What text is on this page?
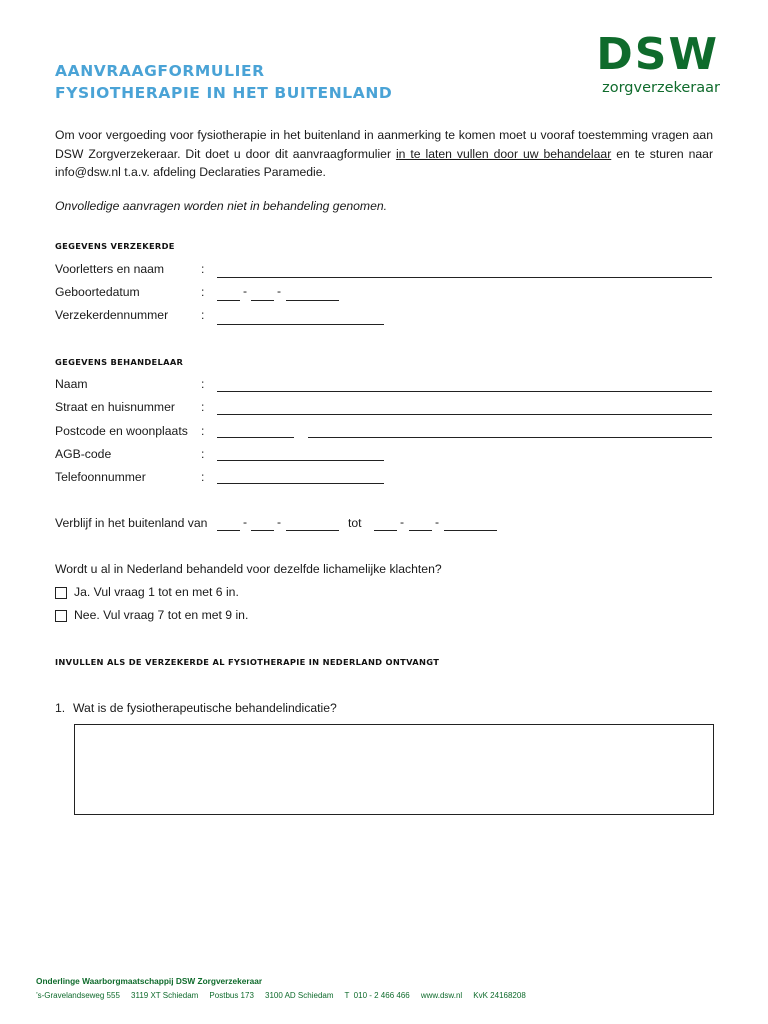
AANVRAAGFORMULIER
FYSIOTHERAPIE IN HET BUITENLAND
DSW
zorgverzekeraar
Om voor vergoeding voor fysiotherapie in het buitenland in aanmerking te komen moet u vooraf toestemming vragen aan DSW Zorgverzekeraar. Dit doet u door dit aanvraagformulier in te laten vullen door uw behandelaar en te sturen naar info@dsw.nl t.a.v. afdeling Declaraties Paramedie.
Onvolledige aanvragen worden niet in behandeling genomen.
GEGEVENS VERZEKERDE
Voorletters en naam	:
Geboortedatum	:	- -
Verzekerdennummer	:
GEGEVENS BEHANDELAAR
Naam	:
Straat en huisnummer :
Postcode en woonplaats :
AGB-code	:
Telefoonnummer	:
Verblijf in het buitenland van	- -	tot	-	-
Wordt u al in Nederland behandeld voor dezelfde lichamelijke klachten?
Ja. Vul vraag 1 tot en met 6 in.
Nee. Vul vraag 7 tot en met 9 in.
INVULLEN ALS DE VERZEKERDE AL FYSIOTHERAPIE IN NEDERLAND ONTVANGT
1. Wat is de fysiotherapeutische behandelindicatie?
Onderlinge Waarborgmaatschappij DSW Zorgverzekeraar
’s-Gravelandseweg 555     3119 XT Schiedam     Postbus 173     3100 AD Schiedam     T  010 - 2 466 466     www.dsw.nl     KvK 24168208
